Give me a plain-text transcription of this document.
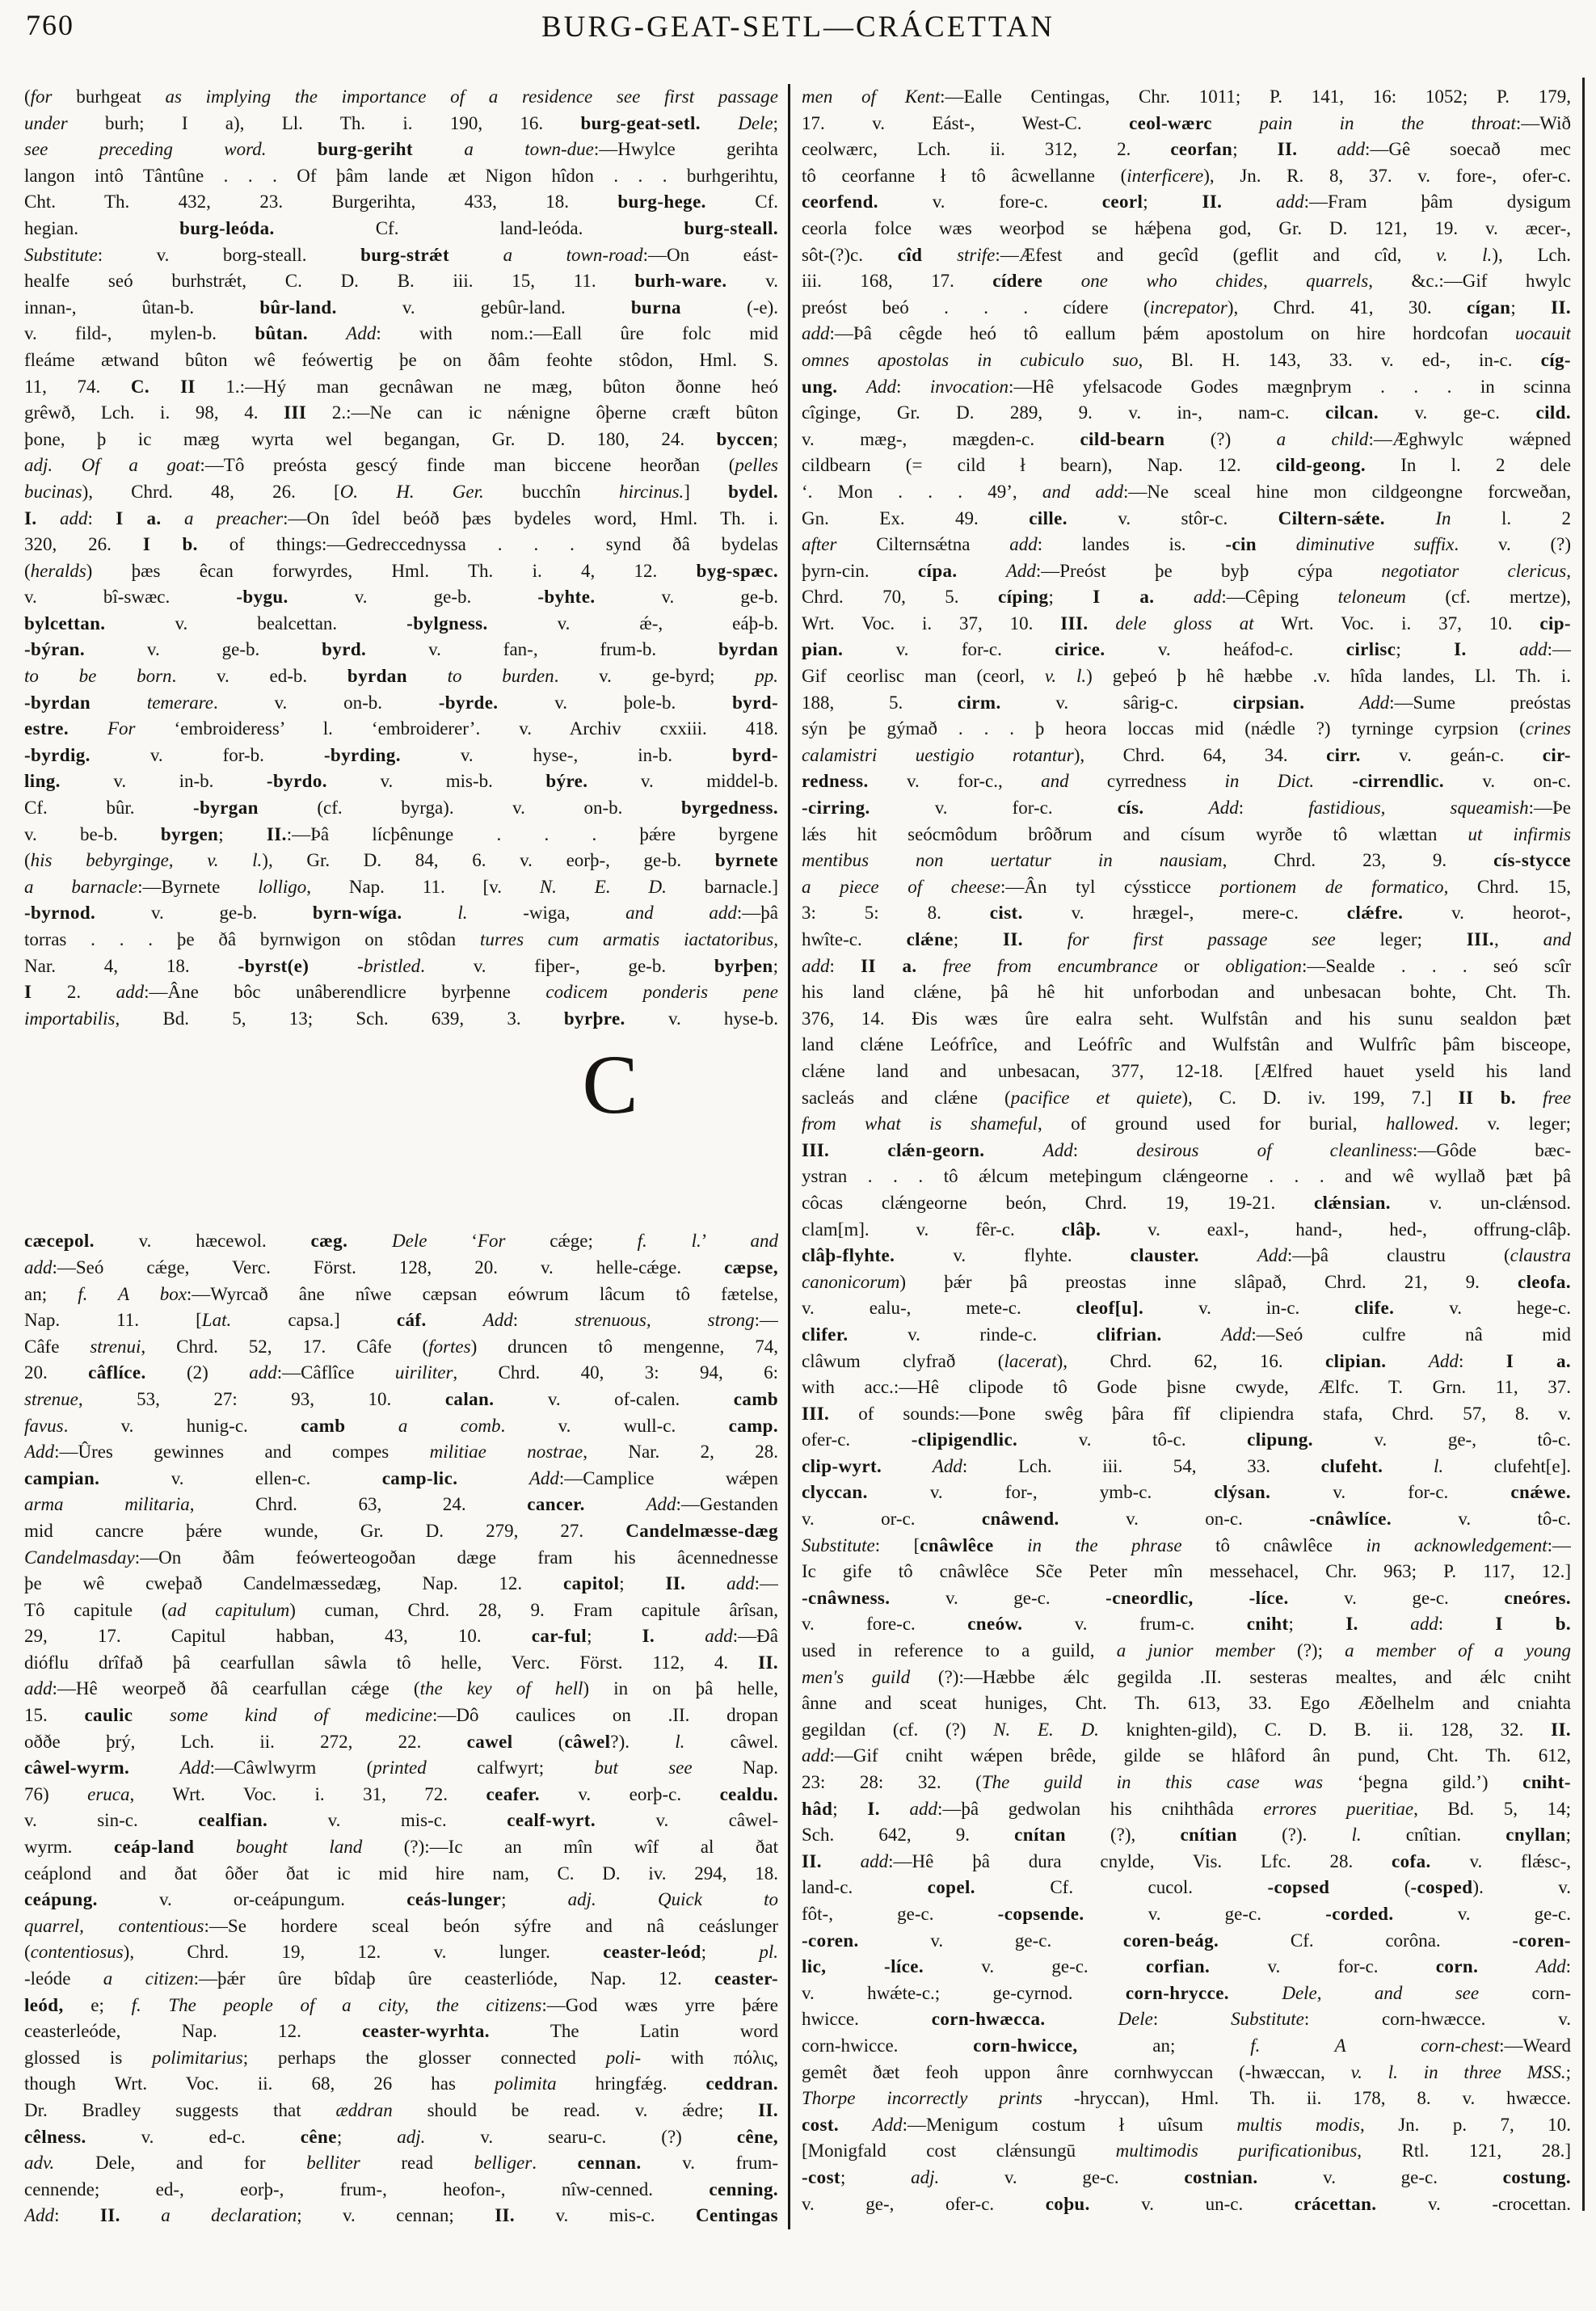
760	BURG-GEAT-SETL—CRÁCETTAN
(for burhgeat as implying the importance of a residence see first passage
under burh; I a), Ll. Th. i. 190, 16. burg-geat-setl. Dele;
see preceding word.	burg-geriht	a town-due:—Hwylce gerihta
langon intô Tântûne . . . Of þâm lande æt Nigon hîdon . . . burhgerihtu,
Cht. Th. 432, 23. Burgerihta, 433, 18. burg-hege. Cf.
hegian. burg-leóda. Cf. land-leóda. burg-steall.
Substitute: v. borg-steall. burg-strǽt	a town-road:—On eást-
healfe seó burhstrǽt, C. D. B. iii. 15, 11. burh-ware. v.
innan-, ûtan-b. bûr-land. v. gebûr-land. burna (-e).
v. fild-, mylen-b. bûtan. Add: with nom.:—Eall ûre folc mid
fleáme ætwand bûton wê feówertig þe on ðâm feohte stôdon, Hml. S.
11, 74. C. II 1.:—Hý man gecnâwan ne mæg, bûton ðonne heó
grêwð, Lch. i. 98, 4. III 2.:—Ne can ic nǽnigne ôþerne cræft bûton
þone, þ ic mæg wyrta wel begangan, Gr. D. 180, 24. byccen;
adj. Of a goat:—Tô preósta gescý finde man biccene heorðan (pelles
bucinas), Chrd. 48, 26. [O. H. Ger. bucchîn hircinus.] bydel.
I. add: I a. a preacher:—On îdel beóð þæs bydeles word, Hml. Th. i.
320, 26. I b. of things:—Gedreccednyssa . . . synd ðâ bydelas
(heralds) þæs êcan forwyrdes, Hml. Th. i. 4, 12. byg-spæc.
v. bî-swæc. -bygu. v. ge-b. -byhte. v. ge-b.
bylcettan. v. bealcettan. -bylgness. v. ǽ-, eáþ-b.
-býran. v. ge-b. byrd. v. fan-, frum-b. byrdan
to be born. v. ed-b. byrdan to burden. v. ge-byrd; pp.
-byrdan	temerare. v. on-b. -byrde. v. þole-b. byrd-
estre. For ‘embroideress’ l. ‘embroiderer’. v. Archiv cxxiii. 418.
-byrdig. v. for-b. -byrding. v. hyse-, in-b. byrd-
ling. v. in-b. -byrdo. v. mis-b. býre. v. middel-b.
Cf. bûr. -byrgan (cf. byrga). v. on-b. byrgedness.
v. be-b. byrgen; II.:—Þâ lícþênunge . . . þǽre byrgene
(his bebyrginge, v. l.), Gr. D. 84, 6. v. eorþ-, ge-b. byrnete
a barnacle:—Byrnete lolligo, Nap. 11. [v. N. E. D. barnacle.]
-byrnod. v. ge-b. byrn-wíga.	l. -wiga, and add:—þâ
torras . . . þe ðâ byrnwigon on stôdan turres cum armatis iactatoribus,
Nar. 4, 18. -byrst(e)	-bristled. v. fiþer-, ge-b. byrþen;
I 2. add:—Âne bôc unâberendlicre byrþenne codicem ponderis pene
importabilis, Bd. 5, 13; Sch. 639, 3. byrþre. v. hyse-b.
C
cæcepol. v. hæcewol. cæg. Dele ‘For cǽge; f. l.’ and
add:—Seó cǽge, Verc. Först. 128, 20. v. helle-cǽge. cæpse,
an; f. A box:—Wyrcað âne nîwe cæpsan eówrum lâcum tô fætelse,
Nap. 11. [Lat. capsa.] cáf.	Add: strenuous, strong:—
Câfe strenui, Chrd. 52, 17. Câfe (fortes) druncen tô mengenne, 74,
20. câflíce. (2) add:—Câflîce uiriliter, Chrd. 40, 3: 94, 6:
strenue, 53, 27: 93, 10. calan. v. of-calen. camb
favus. v. hunig-c. camb	a comb. v. wull-c. camp.
Add:—Ûres gewinnes and compes militiae nostrae, Nar. 2, 28.
campian. v. ellen-c. camp-lic.	Add:—Camplice wǽpen
arma militaria, Chrd. 63, 24. cancer.	Add:—Gestanden
mid cancre þǽre wunde, Gr. D. 279, 27. Candelmæsse-dæg
Candelmasday:—On ðâm feówerteogoðan dæge fram his âcennednesse
þe wê cweþað Candelmæssedæg, Nap. 12. capitol; II. add:—
Tô capitule (ad capitulum) cuman, Chrd. 28, 9. Fram capitule ârîsan,
29, 17. Capitul habban, 43, 10. car-ful; I.	add:—Ðâ
dióflu drîfað þâ cearfullan sâwla tô helle, Verc. Först. 112, 4. II.
add:—Hê weorpeð ðâ cearfullan cǽge (the key of hell) in on þâ helle,
15. caulic some kind of medicine:—Dô caulices on .II. dropan
oððe þrý, Lch. ii. 272, 22. cawel (câwel?). l. câwel.
câwel-wyrm.	Add:—Câwlwyrm (printed calfwyrt; but see Nap.
76) eruca, Wrt. Voc. i. 31, 72. ceafer. v. eorþ-c. cealdu.
v. sin-c. cealfian. v. mis-c. cealf-wyrt. v. câwel-
wyrm. ceáp-land bought land (?):—Ic an mîn wîf al ðat
ceáplond and ðat ôðer ðat ic mid hire nam, C. D. iv. 294, 18.
ceápung. v. or-ceápungum. ceás-lunger; adj. Quick to
quarrel, contentious:—Se hordere sceal beón sýfre and nâ ceáslunger
(contentiosus), Chrd. 19, 12. v. lunger. ceaster-leód; pl.
-leóde a citizen:—þǽr ûre bîdaþ ûre ceasterlióde, Nap. 12. ceaster-
leód, e; f. The people of a city, the citizens:—God wæs yrre þǽre
ceasterleóde, Nap. 12. ceaster-wyrhta. The Latin word
glossed is polimitarius; perhaps the glosser connected poli- with πόλις,
though Wrt. Voc. ii. 68, 26 has polimita hringfǽg. ceddran.
Dr. Bradley suggests that æddran should be read. v. ǽdre; II.
cêlness. v. ed-c. cêne; adj. v. searu-c. (?) cêne,
adv. Dele, and for belliter read belliger. cennan. v. frum-
cennende; ed-, eorþ-, frum-, heofon-, nîw-cenned. cenning.
Add: II. a declaration; v. cennan; II. v. mis-c. Centingas
men of Kent:—Ealle Centingas, Chr. 1011; P. 141, 16: 1052; P. 179,
17. v. Eást-, West-C. ceol-wærc	pain in the throat:—Wið
ceolwærc, Lch. ii. 312, 2. ceorfan; II. add:—Gê soecað mec
tô ceorfanne ł tô âcwellanne (interficere), Jn. R. 8, 37. v. fore-, ofer-c.
ceorfend. v. fore-c. ceorl; II.	add:—Fram þâm dysigum
ceorla folce wæs weorþod se hǽþena god, Gr. D. 121, 19. v. æcer-,
sôt-(?)c. cîd strife:—Æfest and gecîd (geflit and cîd, v. l.), Lch.
iii. 168, 17. cídere one who chides, quarrels, &c.:—Gif hwylc
preóst beó . . . cídere (increpator), Chrd. 41, 30. cígan; II.
add:—Þâ cêgde heó tô eallum þǽm apostolum on hire hordcofan uocauit
omnes apostolas in cubiculo suo, Bl. H. 143, 33. v. ed-, in-c. cíg-
ung. Add: invocation:—Hê yfelsacode Godes mægnþrym . . . in scinna
cîginge, Gr. D. 289, 9. v. in-, nam-c. cilcan. v. ge-c. cild.
v. mæg-, mægden-c. cild-bearn (?) a child:—Æghwylc wǽpned
cildbearn (= cild ł bearn), Nap. 12. cild-geong. In l. 2 dele
‘. Mon . . . 49’, and add:—Ne sceal hine mon cildgeongne forcweðan,
Gn. Ex. 49. cille. v. stôr-c. Ciltern-sǽte.	In l. 2
after Cilternsǽtna add: landes is. -cin diminutive suffix. v. (?)
þyrn-cin. cípa.	Add:—Preóst þe byþ cýpa negotiator clericus,
Chrd. 70, 5. cíping; I a. add:—Cêping teloneum (cf. mertze),
Wrt. Voc. i. 37, 10. III. dele gloss at Wrt. Voc. i. 37, 10. cip-
pian. v. for-c. cirice. v. heáfod-c. cirlisc; I.	add:—
Gif ceorlisc man (ceorl, v. l.) geþeó þ hê hæbbe .v. hîda landes, Ll. Th. i.
188, 5. cirm. v. sârig-c. cirpsian.	Add:—Sume preóstas
sýn þe gýmað . . . þ heora loccas mid (nǽdle ?) tyrninge cyrpsion (crines
calamistri uestigio rotantur), Chrd. 64, 34. cirr. v. geán-c. cir-
redness. v. for-c., and cyrredness in Dict. -cirrendlic. v. on-c.
-cirring. v. for-c. cís.	Add: fastidious, squeamish:—Þe
lǽs hit seócmôdum brôðrum and císum wyrðe tô wlættan ut infirmis
mentibus non uertatur in nausiam, Chrd. 23, 9. cís-stycce
a piece of cheese:—Ân tyl cýssticce portionem de formatico, Chrd. 15,
3: 5: 8. cist. v. hrægel-, mere-c. clǽfre. v. heorot-,
hwîte-c. clǽne; II. for first passage see leger; III., and
add: II a. free from encumbrance or obligation:—Sealde . . . seó scîr
his land clǽne, þâ hê hit unforbodan and unbesacan bohte, Cht. Th.
376, 14. Ðis wæs ûre ealra seht. Wulfstân and his sunu sealdon þæt
land clǽne Leófrîce, and Leófrîc and Wulfstân and Wulfrîc þâm bisceope,
clǽne land and unbesacan, 377, 12-18. [Ælfred hauet yseld his land
sacleás and clǽne (pacifice et quiete), C. D. iv. 199, 7.] II b. free
from what is shameful, of ground used for burial, hallowed. v. leger;
III.	clǽn-georn.	Add: desirous of cleanliness:—Gôde bæc-
ystran . . . tô ǽlcum meteþingum clǽngeorne . . . and wê wyllað þæt þâ
côcas clǽngeorne beón, Chrd. 19, 19-21. clǽnsian. v. un-clǽnsod.
clam[m]. v. fêr-c. clâþ. v. eaxl-, hand-, hed-, offrung-clâþ.
clâþ-flyhte. v. flyhte. clauster.	Add:—þâ claustru (claustra
canonicorum) þǽr þâ preostas inne slâpað, Chrd. 21, 9. cleofa.
v. ealu-, mete-c. cleof[u]. v. in-c. clife. v. hege-c.
clifer. v. rinde-c. clifrian.	Add:—Seó culfre nâ mid
clâwum clyfrað (lacerat), Chrd. 62, 16. clipian. Add: I a.
with acc.:—Hê clipode tô Gode þisne cwyde, Ælfc. T. Grn. 11, 37.
III. of sounds:—Þone swêg þâra fîf clipiendra stafa, Chrd. 57, 8. v.
ofer-c. -clipigendlic. v. tô-c. clipung. v. ge-, tô-c.
clip-wyrt.	Add: Lch. iii. 54, 33. clufeht.	l. clufeht[e].
clyccan. v. for-, ymb-c. clýsan. v. for-c. cnǽwe.
v. or-c. cnâwend. v. on-c. -cnâwlíce. v. tô-c.
Substitute: [cnâwlêce in the phrase tô cnâwlêce in acknowledgement:—
Ic gife tô cnâwlêce Sc̃e Peter mîn messehacel, Chr. 963; P. 117, 12.]
-cnâwness. v. ge-c. -cneordlic, -líce. v. ge-c. cneóres.
v. fore-c. cneów. v. frum-c. cniht; I.	add: I b.
used in reference to a guild, a junior member (?); a member of a young
men's guild (?):—Hæbbe ǽlc gegilda .II. sesteras mealtes, and ǽlc cniht
ânne and sceat huniges, Cht. Th. 613, 33. Ego Æðelhelm and cniahta
gegildan (cf. (?) N. E. D. knighten-gild), C. D. B. ii. 128, 32. II.
add:—Gif cniht wǽpen brêde, gilde se hlâford ân pund, Cht. Th. 612,
23: 28: 32. (The guild in this case was ‘þegna gild.’) cniht-
hâd; I. add:—þâ gedwolan his cnihthâda errores pueritiae, Bd. 5, 14;
Sch. 642, 9. cnítan (?), cnítian (?). l. cnîtian. cnyllan;
II. add:—Hê þâ dura cnylde, Vis. Lfc. 28. cofa. v. flǽsc-,
land-c. copel. Cf. cucol. -copsed (-cosped). v.
fôt-, ge-c. -copsende. v. ge-c. -corded. v. ge-c.
-coren. v. ge-c. coren-beág. Cf. corôna. -coren-
lic, -líce. v. ge-c. corfian. v. for-c. corn.	Add:
v. hwǽte-c.; ge-cyrnod. corn-hrycce.	Dele, and see corn-
hwicce. corn-hwæcca.	Dele: Substitute: corn-hwæcce. v.
corn-hwicce. corn-hwicce, an; f. A corn-chest:—Weard
gemêt ðæt feoh uppon ânre cornhwyccan (-hwæccan, v. l. in three MSS.;
Thorpe incorrectly prints -hryccan), Hml. Th. ii. 178, 8. v. hwæcce.
cost. Add:—Menigum costum ł uîsum multis modis, Jn. p. 7, 10.
[Monigfald cost clǽnsungū multimodis purificationibus, Rtl. 121, 28.]
-cost; adj. v. ge-c. costnian. v. ge-c. costung.
v. ge-, ofer-c. coþu. v. un-c. crácettan. v. -crocettan.
